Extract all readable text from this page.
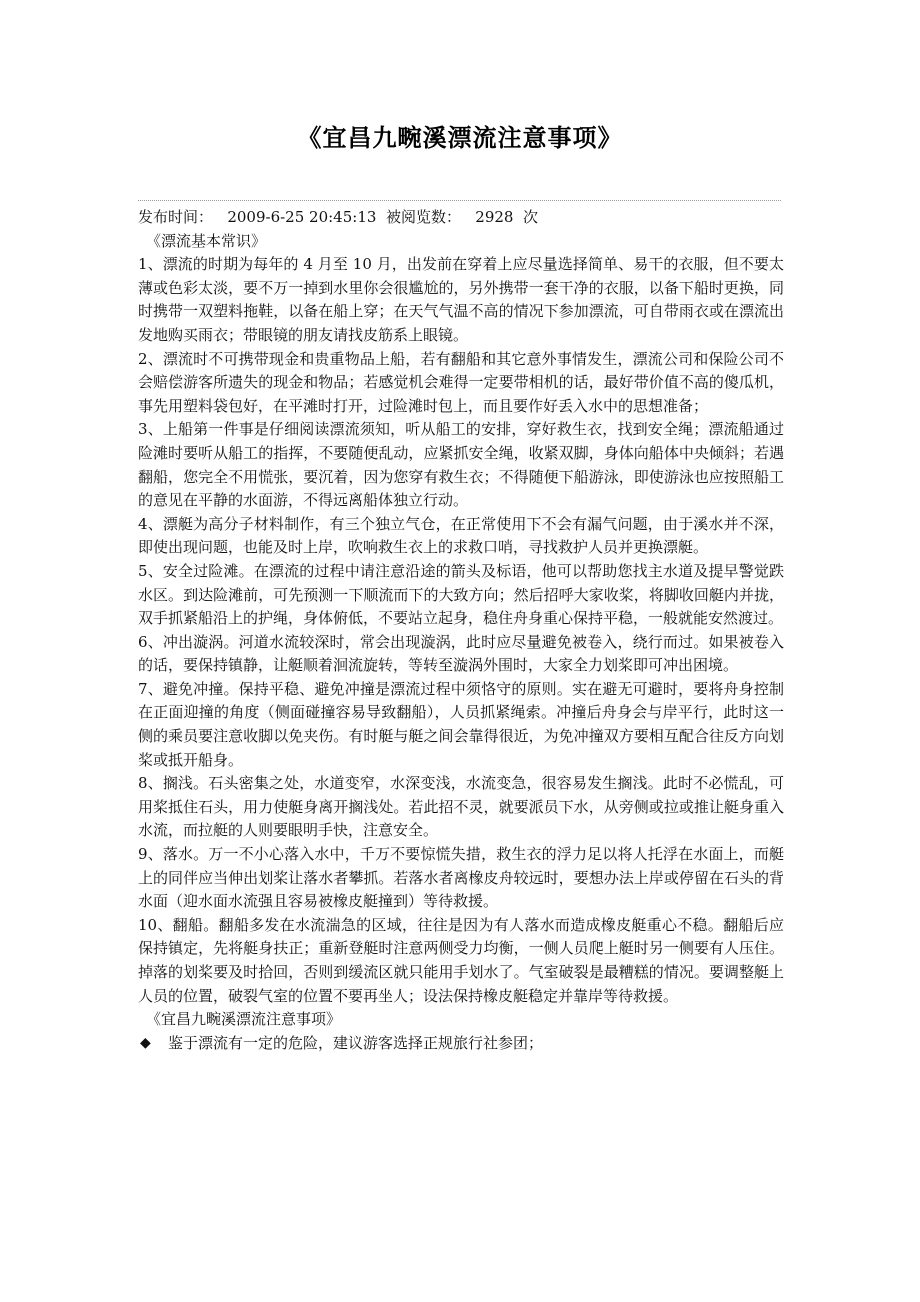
《宜昌九畹溪漂流注意事项》

发布时间： 2009-6-25 20:45:13 被阅览数： 2928 次

《漂流基本常识》

1、漂流的时期为每年的 4 月至 10 月，出发前在穿着上应尽量选择简单、易干的衣服，但不要太薄或色彩太淡，要不万一掉到水里你会很尴尬的，另外携带一套干净的衣服，以备下船时更换，同时携带一双塑料拖鞋，以备在船上穿；在天气气温不高的情况下参加漂流，可自带雨衣或在漂流出发地购买雨衣；带眼镜的朋友请找皮筋系上眼镜。

2、漂流时不可携带现金和贵重物品上船，若有翻船和其它意外事情发生，漂流公司和保险公司不会赔偿游客所遗失的现金和物品；若感觉机会难得一定要带相机的话，最好带价值不高的傻瓜机，事先用塑料袋包好，在平滩时打开，过险滩时包上，而且要作好丢入水中的思想准备；

3、上船第一件事是仔细阅读漂流须知，听从船工的安排，穿好救生衣，找到安全绳；漂流船通过险滩时要听从船工的指挥，不要随便乱动，应紧抓安全绳，收紧双脚，身体向船体中央倾斜；若遇翻船，您完全不用慌张，要沉着，因为您穿有救生衣；不得随便下船游泳，即使游泳也应按照船工的意见在平静的水面游，不得远离船体独立行动。

4、漂艇为高分子材料制作，有三个独立气仓，在正常使用下不会有漏气问题，由于溪水并不深，即使出现问题，也能及时上岸，吹响救生衣上的求救口哨，寻找救护人员并更换漂艇。

5、安全过险滩。在漂流的过程中请注意沿途的箭头及标语，他可以帮助您找主水道及提早警觉跌水区。到达险滩前，可先预测一下顺流而下的大致方向；然后招呼大家收桨，将脚收回艇内并拢，双手抓紧船沿上的护绳，身体俯低，不要站立起身，稳住舟身重心保持平稳，一般就能安然渡过。

6、冲出漩涡。河道水流较深时，常会出现漩涡，此时应尽量避免被卷入，绕行而过。如果被卷入的话，要保持镇静，让艇顺着洄流旋转，等转至漩涡外围时，大家全力划桨即可冲出困境。

7、避免冲撞。保持平稳、避免冲撞是漂流过程中须恪守的原则。实在避无可避时，要将舟身控制在正面迎撞的角度（侧面碰撞容易导致翻船），人员抓紧绳索。冲撞后舟身会与岸平行，此时这一侧的乘员要注意收脚以免夹伤。有时艇与艇之间会靠得很近，为免冲撞双方要相互配合往反方向划桨或抵开船身。

8、搁浅。石头密集之处，水道变窄，水深变浅，水流变急，很容易发生搁浅。此时不必慌乱，可用桨抵住石头，用力使艇身离开搁浅处。若此招不灵，就要派员下水，从旁侧或拉或推让艇身重入水流，而拉艇的人则要眼明手快，注意安全。

9、落水。万一不小心落入水中，千万不要惊慌失措，救生衣的浮力足以将人托浮在水面上，而艇上的同伴应当伸出划桨让落水者攀抓。若落水者离橡皮舟较远时，要想办法上岸或停留在石头的背水面（迎水面水流强且容易被橡皮艇撞到）等待救援。

10、翻船。翻船多发在水流湍急的区域，往往是因为有人落水而造成橡皮艇重心不稳。翻船后应保持镇定，先将艇身扶正；重新登艇时注意两侧受力均衡，一侧人员爬上艇时另一侧要有人压住。掉落的划桨要及时拾回，否则到缓流区就只能用手划水了。气室破裂是最糟糕的情况。要调整艇上人员的位置，破裂气室的位置不要再坐人；设法保持橡皮艇稳定并靠岸等待救援。

《宜昌九畹溪漂流注意事项》

◆	鉴于漂流有一定的危险，建议游客选择正规旅行社参团；
